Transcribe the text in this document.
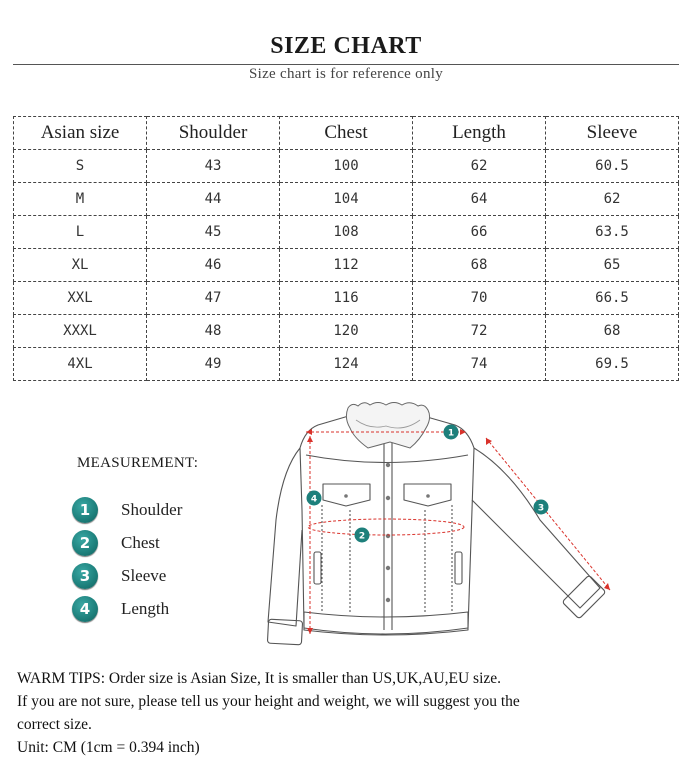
SIZE CHART
Size chart is for reference only
Asian size	Shoulder	Chest	Length	Sleeve
S	43	100	62	60.5
M	44	104	64	62
L	45	108	66	63.5
XL	46	112	68	65
XXL	47	116	70	66.5
XXXL	48	120	72	68
4XL	49	124	74	69.5
MEASUREMENT:
1	Shoulder
2	Chest
3	Sleeve
4	Length
1
2
3
4
WARM TIPS: Order size is Asian Size, It is smaller than US,UK,AU,EU size.
If you are not sure, please tell us your height and weight, we will suggest you the
correct size.
Unit: CM (1cm = 0.394 inch)
